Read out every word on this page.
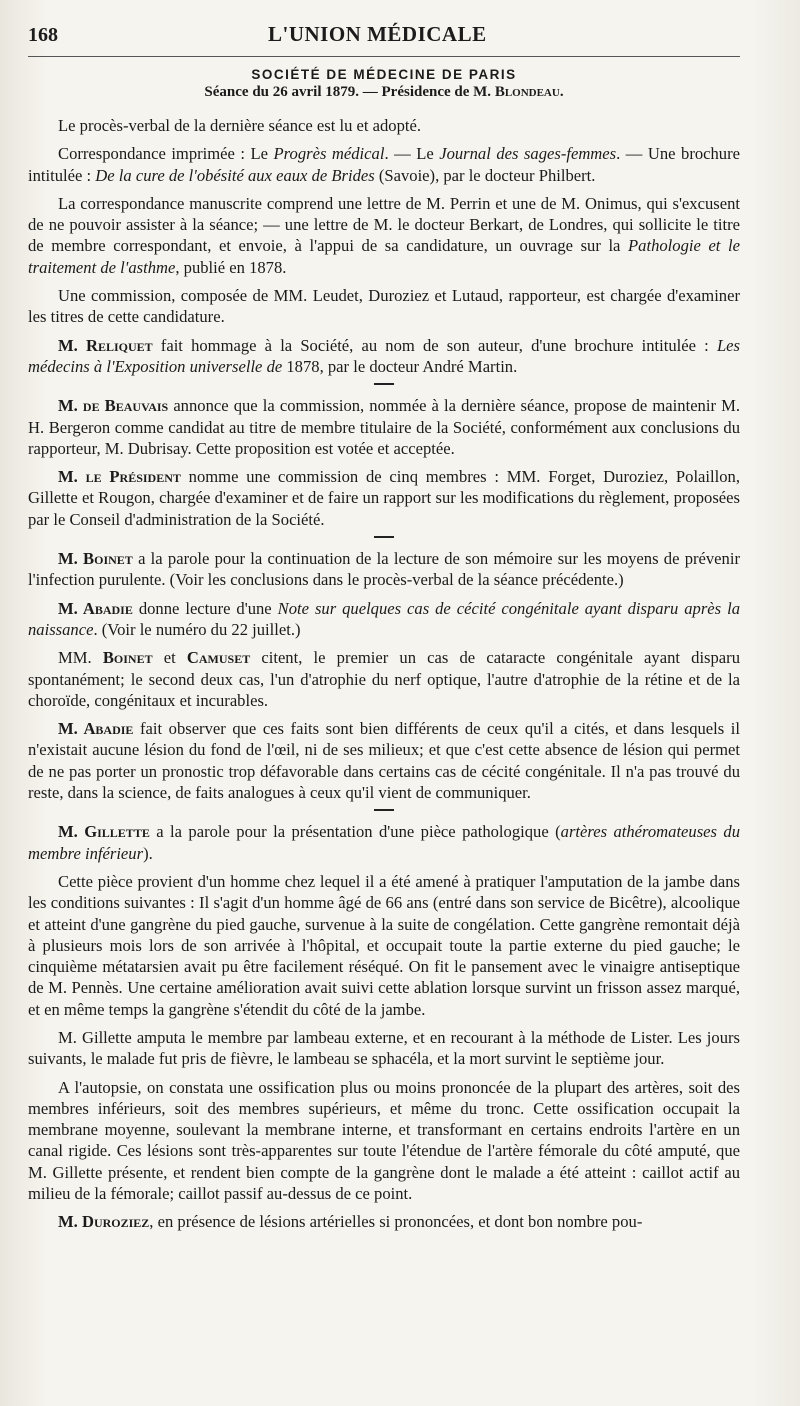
168	L'UNION MÉDICALE
SOCIÉTÉ DE MÉDECINE DE PARIS
Séance du 26 avril 1879. — Présidence de M. Blondeau.

Le procès-verbal de la dernière séance est lu et adopté.

Correspondance imprimée : Le Progrès médical. — Le Journal des sages-femmes. — Une brochure intitulée : De la cure de l'obésité aux eaux de Brides (Savoie), par le docteur Philbert.

La correspondance manuscrite comprend une lettre de M. Perrin et une de M. Onimus, qui s'excusent de ne pouvoir assister à la séance; — une lettre de M. le docteur Berkart, de Londres, qui sollicite le titre de membre correspondant, et envoie, à l'appui de sa candidature, un ouvrage sur la Pathologie et le traitement de l'asthme, publié en 1878.

Une commission, composée de MM. Leudet, Duroziez et Lutaud, rapporteur, est chargée d'examiner les titres de cette candidature.

M. Reliquet fait hommage à la Société, au nom de son auteur, d'une brochure intitulée : Les médecins à l'Exposition universelle de 1878, par le docteur André Martin.

M. de Beauvais annonce que la commission, nommée à la dernière séance, propose de maintenir M. H. Bergeron comme candidat au titre de membre titulaire de la Société, conformément aux conclusions du rapporteur, M. Dubrisay. Cette proposition est votée et acceptée.

M. le Président nomme une commission de cinq membres : MM. Forget, Duroziez, Polaillon, Gillette et Rougon, chargée d'examiner et de faire un rapport sur les modifications du règlement, proposées par le Conseil d'administration de la Société.

M. Boinet a la parole pour la continuation de la lecture de son mémoire sur les moyens de prévenir l'infection purulente. (Voir les conclusions dans le procès-verbal de la séance précédente.)

M. Abadie donne lecture d'une Note sur quelques cas de cécité congénitale ayant disparu après la naissance. (Voir le numéro du 22 juillet.)

MM. Boinet et Camuset citent, le premier un cas de cataracte congénitale ayant disparu spontanément; le second deux cas, l'un d'atrophie du nerf optique, l'autre d'atrophie de la rétine et de la choroïde, congénitaux et incurables.

M. Abadie fait observer que ces faits sont bien différents de ceux qu'il a cités, et dans lesquels il n'existait aucune lésion du fond de l'œil, ni de ses milieux; et que c'est cette absence de lésion qui permet de ne pas porter un pronostic trop défavorable dans certains cas de cécité congénitale. Il n'a pas trouvé du reste, dans la science, de faits analogues à ceux qu'il vient de communiquer.

M. Gillette a la parole pour la présentation d'une pièce pathologique (artères athéromateuses du membre inférieur).

Cette pièce provient d'un homme chez lequel il a été amené à pratiquer l'amputation de la jambe dans les conditions suivantes : Il s'agit d'un homme âgé de 66 ans (entré dans son service de Bicêtre), alcoolique et atteint d'une gangrène du pied gauche, survenue à la suite de congélation. Cette gangrène remontait déjà à plusieurs mois lors de son arrivée à l'hôpital, et occupait toute la partie externe du pied gauche; le cinquième métatarsien avait pu être facilement réséqué. On fit le pansement avec le vinaigre antiseptique de M. Pennès. Une certaine amélioration avait suivi cette ablation lorsque survint un frisson assez marqué, et en même temps la gangrène s'étendit du côté de la jambe.

M. Gillette amputa le membre par lambeau externe, et en recourant à la méthode de Lister. Les jours suivants, le malade fut pris de fièvre, le lambeau se sphacéla, et la mort survint le septième jour.

A l'autopsie, on constata une ossification plus ou moins prononcée de la plupart des artères, soit des membres inférieurs, soit des membres supérieurs, et même du tronc. Cette ossification occupait la membrane moyenne, soulevant la membrane interne, et transformant en certains endroits l'artère en un canal rigide. Ces lésions sont très-apparentes sur toute l'étendue de l'artère fémorale du côté amputé, que M. Gillette présente, et rendent bien compte de la gangrène dont le malade a été atteint : caillot actif au milieu de la fémorale; caillot passif au-dessus de ce point.

M. Duroziez, en présence de lésions artérielles si prononcées, et dont bon nombre pou-
